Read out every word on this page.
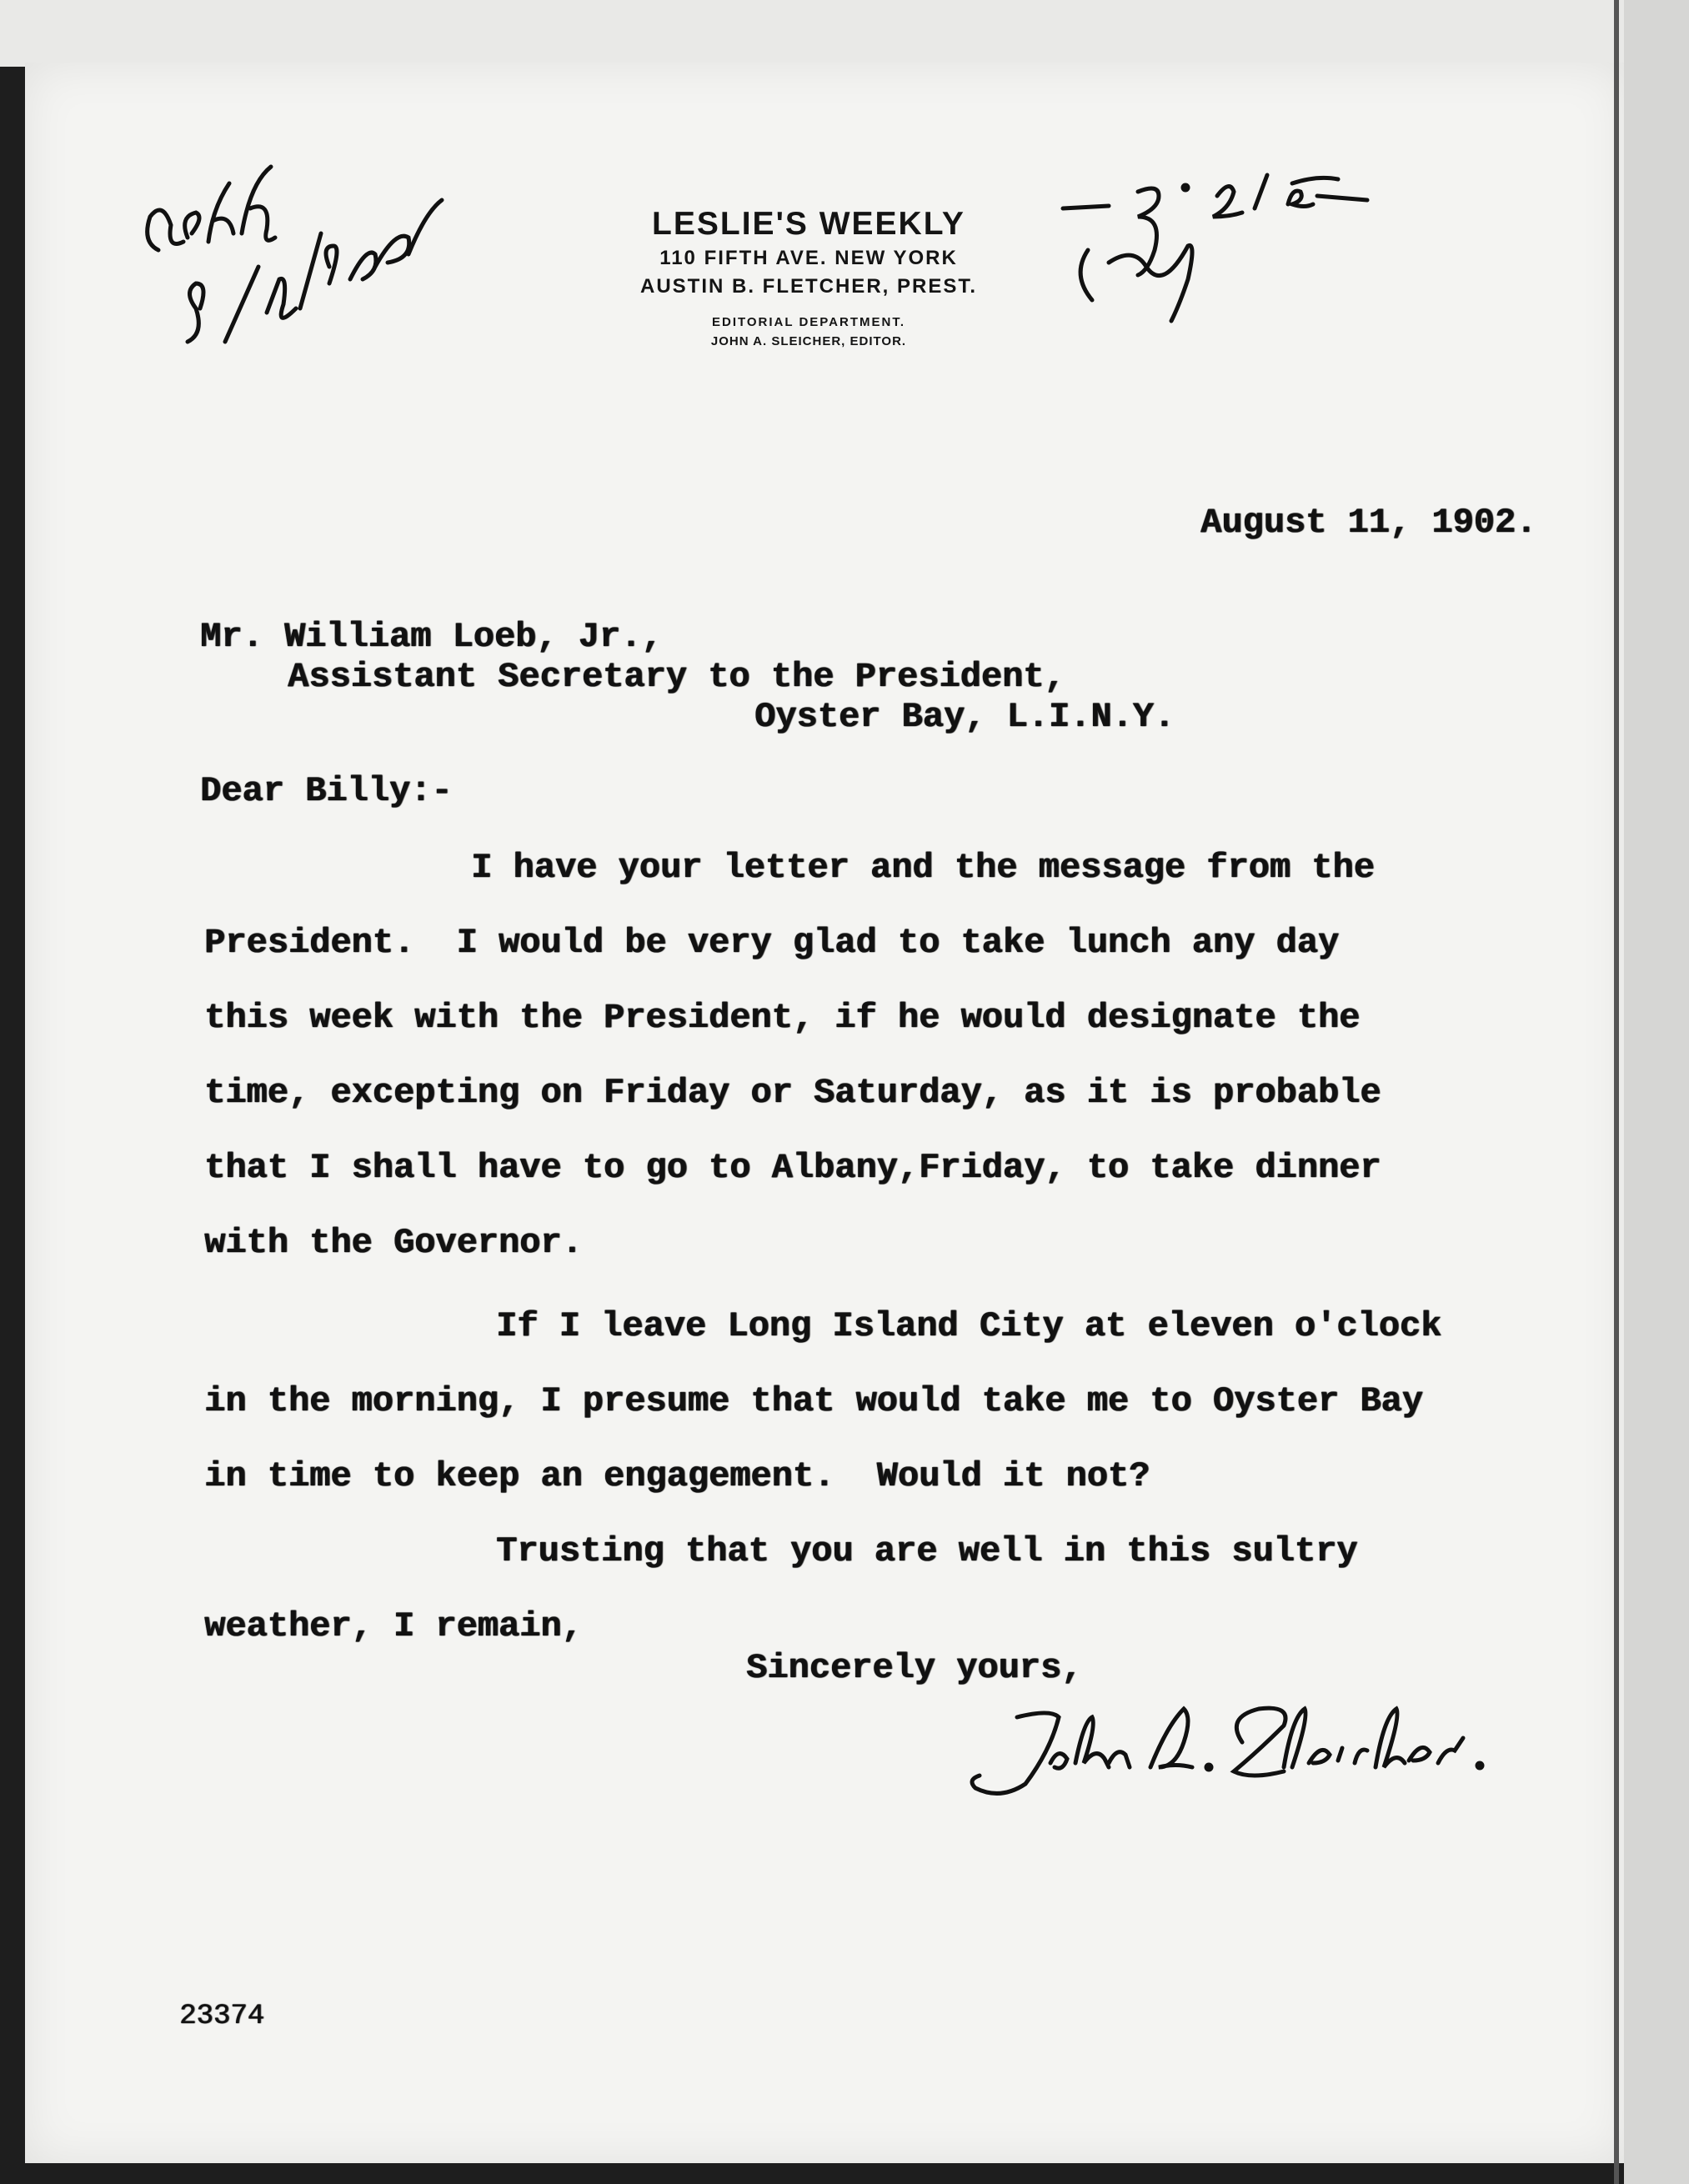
LESLIE'S WEEKLY
110 FIFTH AVE. NEW YORK
AUSTIN B. FLETCHER, PREST.
EDITORIAL DEPARTMENT.
JOHN A. SLEICHER, EDITOR.
August 11, 1902.
Mr. William Loeb, Jr.,
Assistant Secretary to the President,
Oyster Bay, L.I.N.Y.
Dear Billy:-
I have your letter and the message from the
President.  I would be very glad to take lunch any day
this week with the President, if he would designate the
time, excepting on Friday or Saturday, as it is probable
that I shall have to go to Albany,Friday, to take dinner
with the Governor.
If I leave Long Island City at eleven o'clock
in the morning, I presume that would take me to Oyster Bay
in time to keep an engagement.  Would it not?
Trusting that you are well in this sultry
weather, I remain,
Sincerely yours,
23374
